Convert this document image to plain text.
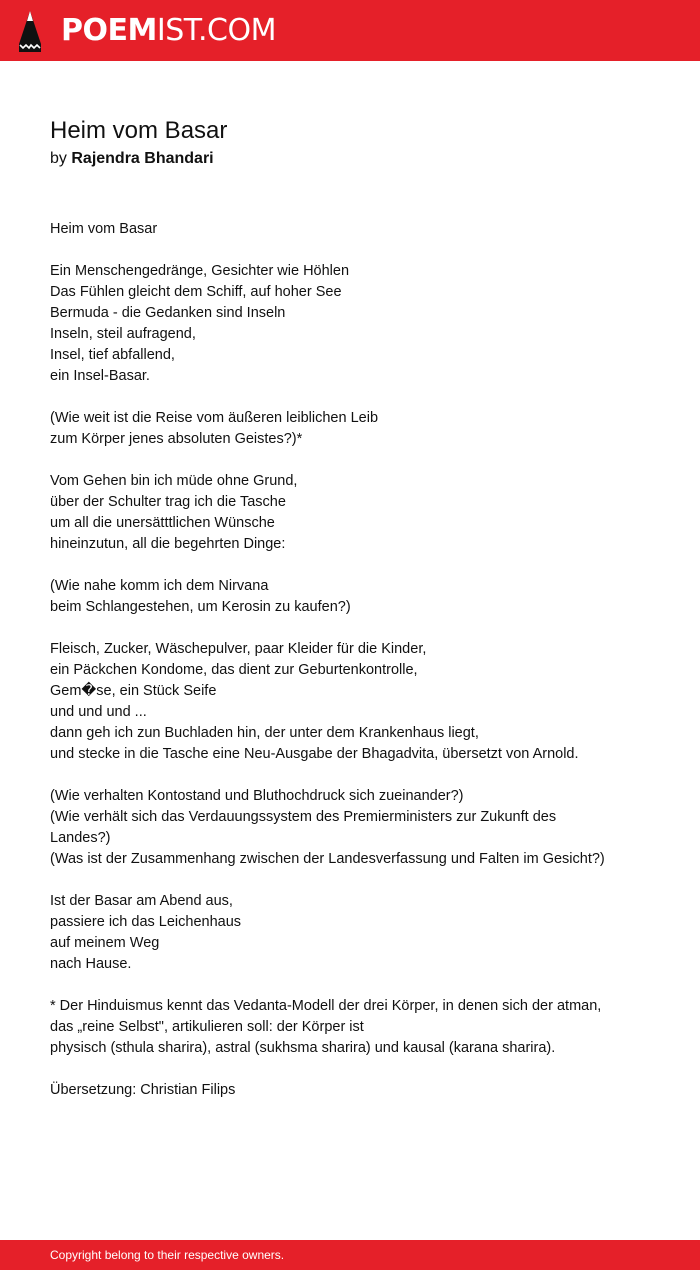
POEMIST.COM
Heim vom Basar
by Rajendra Bhandari
Heim vom Basar

Ein Menschengedränge, Gesichter wie Höhlen
Das Fühlen gleicht dem Schiff, auf hoher See
Bermuda - die Gedanken sind Inseln
Inseln, steil aufragend,
Insel, tief abfallend,
ein Insel-Basar.

(Wie weit ist die Reise vom äußeren leiblichen Leib
zum Körper jenes absoluten Geistes?)*

Vom Gehen bin ich müde ohne Grund,
über der Schulter trag ich die Tasche
um all die unersätttlichen Wünsche
hineinzutun, all die begehrten Dinge:

(Wie nahe komm ich dem Nirvana
beim Schlangestehen, um Kerosin zu kaufen?)

Fleisch, Zucker, Wäschepulver, paar Kleider für die Kinder,
ein Päckchen Kondome, das dient zur Geburtenkontrolle,
Gem�se, ein Stück Seife
und und und ...
dann geh ich zun Buchladen hin, der unter dem Krankenhaus liegt,
und stecke in die Tasche eine Neu-Ausgabe der Bhagadvita, übersetzt von Arnold.

(Wie verhalten Kontostand und Bluthochdruck sich zueinander?)
(Wie verhält sich das Verdauungssystem des Premierministers zur Zukunft des Landes?)
(Was ist der Zusammenhang zwischen der Landesverfassung und Falten im Gesicht?)

Ist der Basar am Abend aus,
passiere ich das Leichenhaus
auf meinem Weg
nach Hause.

* Der Hinduismus kennt das Vedanta-Modell der drei Körper, in denen sich der atman, das „reine Selbst", artikulieren soll: der Körper ist
physisch (sthula sharira), astral (sukhsma sharira) und kausal (karana sharira).

Übersetzung: Christian Filips
Copyright belong to their respective owners.
